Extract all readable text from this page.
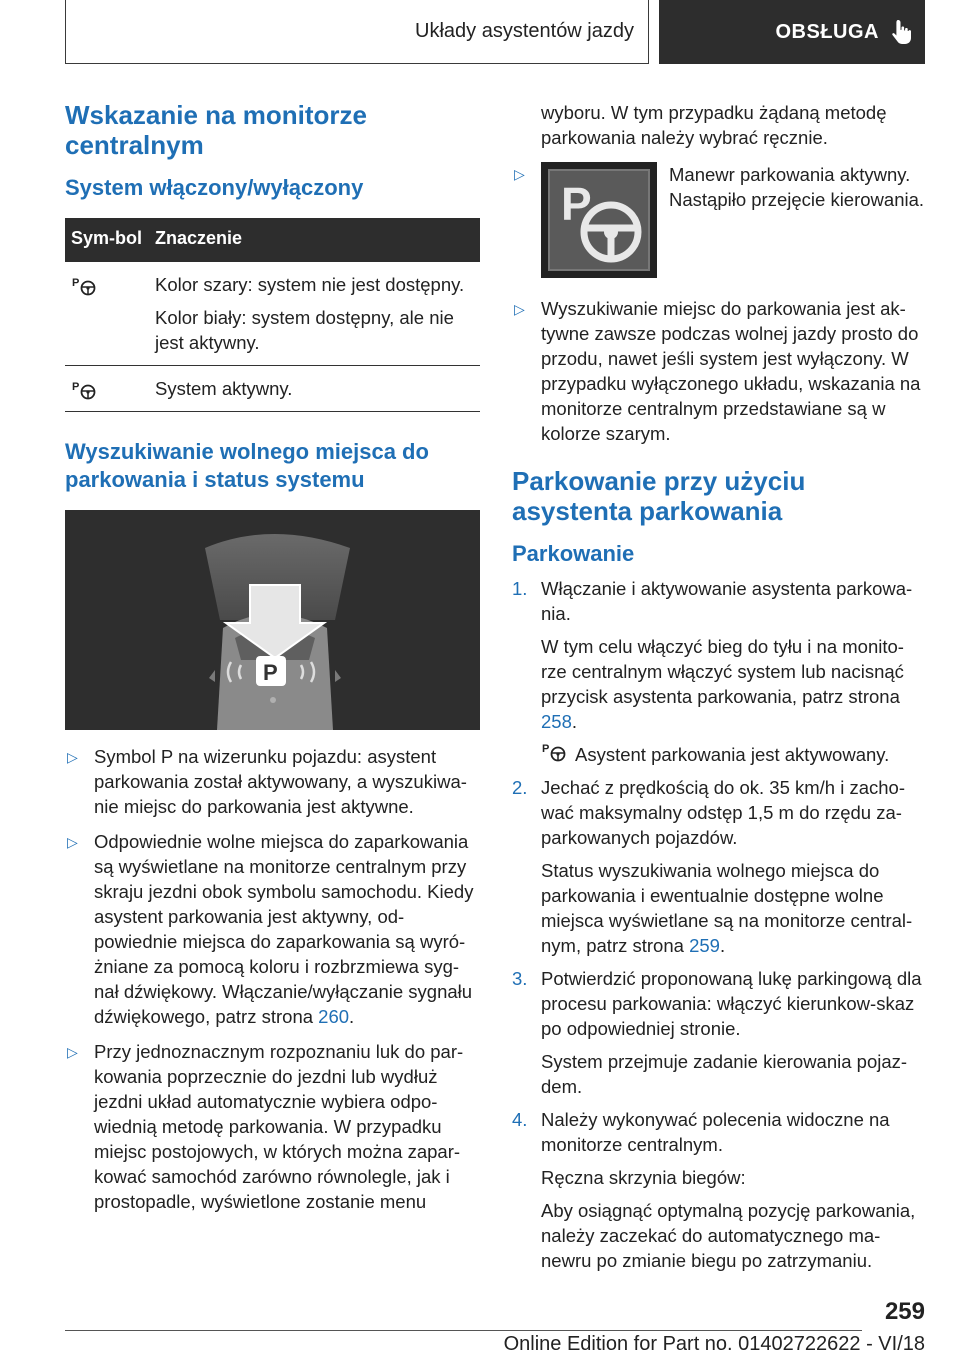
Układy asystentów jazdy	OBSŁUGA
Wskazanie na monitorze centralnym
System włączony/wyłączony
Sym-bol	Znaczenie

P	Kolor szary: system nie jest dostępny.

Kolor biały: system dostępny, ale nie jest aktywny.

P	System aktywny.

Wyszukiwanie wolnego miejsca do parkowania i status systemu
P
▷ Symbol P na wizerunku pojazdu: asystent parkowania został aktywowany, a wyszukiwa-nie miejsc do parkowania jest aktywne.
▷ Odpowiednie wolne miejsca do zaparkowania są wyświetlane na monitorze centralnym przy skraju jezdni obok symbolu samochodu. Kiedy asystent parkowania jest aktywny, od-powiednie miejsca do zaparkowania są wyró-żniane za pomocą koloru i rozbrzmiewa syg-nał dźwiękowy. Włączanie/wyłączanie sygnału dźwiękowego, patrz strona 260.
▷ Przy jednoznacznym rozpoznaniu luk do par-kowania poprzecznie do jezdni lub wydłuż jezdni układ automatycznie wybiera odpo-wiednią metodę parkowania. W przypadku miejsc postojowych, w których można zapar-kować samochód zarówno równolegle, jak i prostopadle, wyświetlone zostanie menu

wyboru. W tym przypadku żądaną metodę parkowania należy wybrać ręcznie.

▷
P

Manewr parkowania aktywny. Nastąpiło przejęcie kierowania.

▷ Wyszukiwanie miejsc do parkowania jest ak-tywne zawsze podczas wolnej jazdy prosto do przodu, nawet jeśli system jest wyłączony. W przypadku wyłączonego układu, wskazania na monitorze centralnym przedstawiane są w kolorze szarym.
Parkowanie przy użyciu asystenta parkowania
Parkowanie
1. Włączanie i aktywowanie asystenta parkowa-nia.

W tym celu włączyć bieg do tyłu i na monito-rze centralnym włączyć system lub nacisnąć przycisk asystenta parkowania, patrz strona 258.

P Asystent parkowania jest aktywowany.

2. Jechać z prędkością do ok. 35 km/h i zacho-wać maksymalny odstęp 1,5 m do rzędu za-parkowanych pojazdów.

Status wyszukiwania wolnego miejsca do parkowania i ewentualnie dostępne wolne miejsca wyświetlane są na monitorze central-nym, patrz strona 259.

3. Potwierdzić proponowaną lukę parkingową dla procesu parkowania: włączyć kierunkow-skaz po odpowiedniej stronie.

System przejmuje zadanie kierowania pojaz-dem.

4. Należy wykonywać polecenia widoczne na monitorze centralnym.

Ręczna skrzynia biegów:

Aby osiągnąć optymalną pozycję parkowania, należy zaczekać do automatycznego ma-newru po zmianie biegu po zatrzymaniu.

259
Online Edition for Part no. 01402722622 - VI/18
